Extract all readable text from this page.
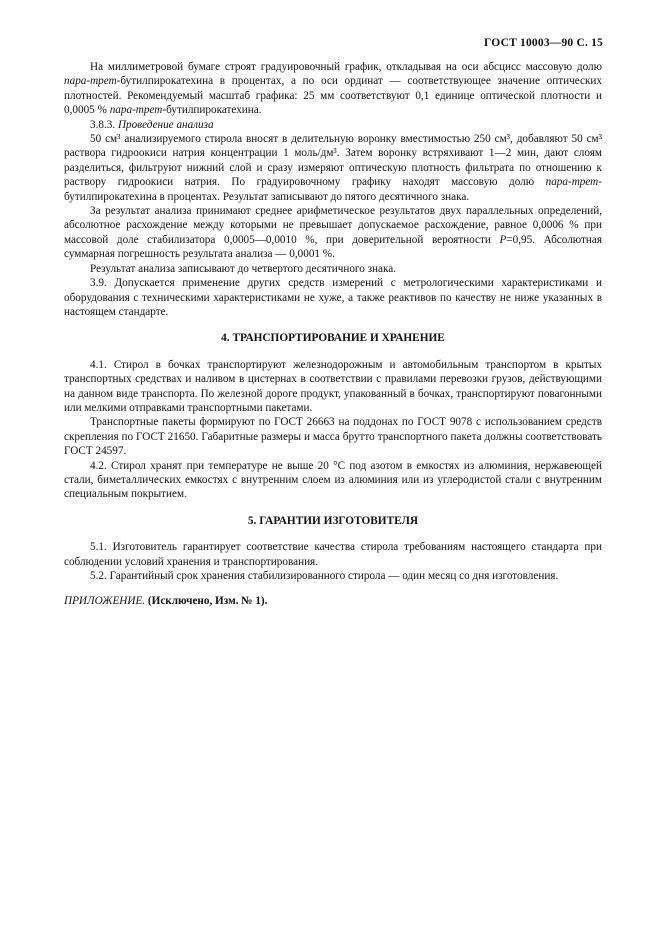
ГОСТ 10003—90 С. 15

На миллиметровой бумаге строят градуировочный график, откладывая на оси абсцисс массовую долю пара-трет-бутилпирокатехина в процентах, а по оси ординат — соответствующее значение оптических плотностей. Рекомендуемый масштаб графика: 25 мм соответствуют 0,1 единице оптической плотности и 0,0005 % пара-трет-бутилпирокатехина.

3.8.3. Проведение анализа

50 см³ анализируемого стирола вносят в делительную воронку вместимостью 250 см³, добавляют 50 см³ раствора гидроокиси натрия концентрации 1 моль/дм³. Затем воронку встряхивают 1—2 мин, дают слоям разделиться, фильтруют нижний слой и сразу измеряют оптическую плотность фильтрата по отношению к раствору гидроокиси натрия. По градуировочному графику находят массовую долю пара-трет-бутилпирокатехина в процентах. Результат записывают до пятого десятичного знака.

За результат анализа принимают среднее арифметическое результатов двух параллельных определений, абсолютное расхождение между которыми не превышает допускаемое расхождение, равное 0,0006 % при массовой доле стабилизатора 0,0005—0,0010 %, при доверительной вероятности P=0,95. Абсолютная суммарная погрешность результата анализа — 0,0001 %.

Результат анализа записывают до четвертого десятичного знака.

3.9. Допускается применение других средств измерений с метрологическими характеристиками и оборудования с техническими характеристиками не хуже, а также реактивов по качеству не ниже указанных в настоящем стандарте.

4. ТРАНСПОРТИРОВАНИЕ И ХРАНЕНИЕ

4.1. Стирол в бочках транспортируют железнодорожным и автомобильным транспортом в крытых транспортных средствах и наливом в цистернах в соответствии с правилами перевозки грузов, действующими на данном виде транспорта. По железной дороге продукт, упакованный в бочках, транспортируют повагонными или мелкими отправками транспортными пакетами.

Транспортные пакеты формируют по ГОСТ 26663 на поддонах по ГОСТ 9078 с использованием средств скрепления по ГОСТ 21650. Габаритные размеры и масса брутто транспортного пакета должны соответствовать ГОСТ 24597.

4.2. Стирол хранят при температуре не выше 20 °С под азотом в емкостях из алюминия, нержавеющей стали, биметаллических емкостях с внутренним слоем из алюминия или из углеродистой стали с внутренним специальным покрытием.

5. ГАРАНТИИ ИЗГОТОВИТЕЛЯ

5.1. Изготовитель гарантирует соответствие качества стирола требованиям настоящего стандарта при соблюдении условий хранения и транспортирования.

5.2. Гарантийный срок хранения стабилизированного стирола — один месяц со дня изготовления.

ПРИЛОЖЕНИЕ. (Исключено, Изм. № 1).
